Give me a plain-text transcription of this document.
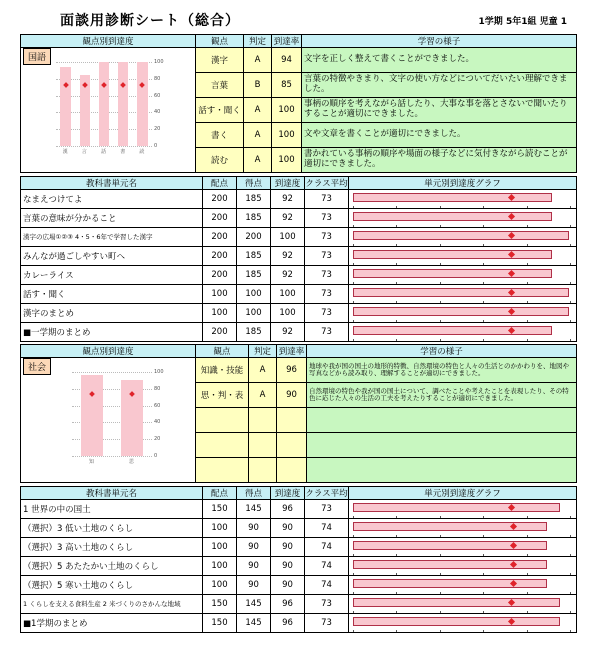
面談用診断シート（総合）	1学期 5年1組 児童 1
観点別到達度	観点	判定	到達率	学習の様子
	漢字	A	94	文字を正しく整えて書くことができました。
	言葉	B	85	言葉の特徴やきまり、文字の使い方などについてだいたい理解できました。
	話す・聞く	A	100	事柄の順序を考えながら話したり、大事な事を落とさないで聞いたりすることが適切にできました。
	書く	A	100	文や文章を書くことが適切にできました。
	読む	A	100	書かれている事柄の順序や場面の様子などに気付きながら読むことが適切にできました。
国語	100
80
60
40
20
0
漢	言	話	書	読
教科書単元名	配点	得点	到達度	クラス平均	単元別到達度グラフ
なまえつけてよ	200	185	92	73	

言葉の意味が分かること	200	185	92	73	

漢字の広場①②③ 4・5・6年で学習した漢字	200	200	100	73	

みんなが過ごしやすい町へ	200	185	92	73	

カレーライス	200	185	92	73	

話す・聞く	100	100	100	73	

漢字のまとめ	100	100	100	73	

■一学期のまとめ	200	185	92	73	
観点別到達度	観点	判定	到達率	学習の様子
	知識・技能	A	96	地球や我が国の国土の地形的特徴、自然環境の特色と人々の生活とのかかわりを、地図や写真などから読み取り、理解することが適切にできました。
	思・判・表	A	90	自然環境の特色や我が国の国土について、調べたことや考えたことを表現したり、その特色に応じた人々の生活の工夫を考えたりすることが適切にできました。

社会	100
80
60
40
20
0
知	思
教科書単元名	配点	得点	到達度	クラス平均	単元別到達度グラフ
1 世界の中の国土	150	145	96	73	

（選択）3 低い土地のくらし	100	90	90	74	

（選択）3 高い土地のくらし	100	90	90	74	

（選択）5 あたたかい土地のくらし	100	90	90	74	

（選択）5 寒い土地のくらし	100	90	90	74	

1 くらしを支える食料生産 2 米づくりのさかんな地域	150	145	96	73	

■1学期のまとめ	150	145	96	73	
